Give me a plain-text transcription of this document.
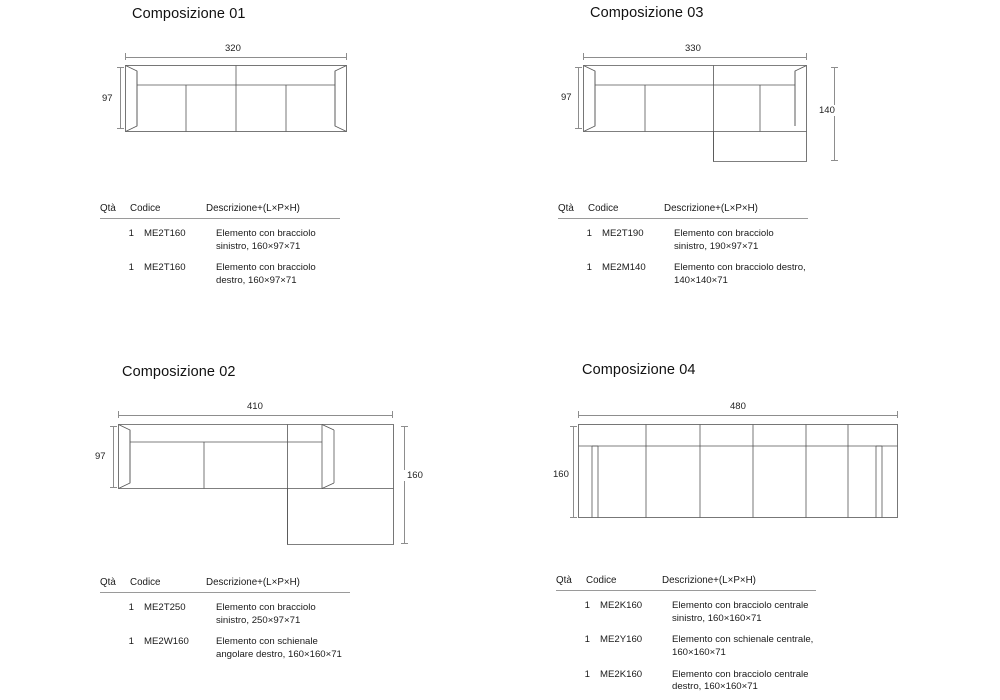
Composizione 01
320
97
Qtà	Codice	Descrizione+(L×P×H)
1	ME2T160	Elemento con bracciolo sinistro, 160×97×71
1	ME2T160	Elemento con bracciolo destro, 160×97×71
Composizione 03
330
97
140
Qtà	Codice	Descrizione+(L×P×H)
1	ME2T190	Elemento con bracciolo sinistro, 190×97×71
1	ME2M140	Elemento con bracciolo destro, 140×140×71
Composizione 02
410
97
160
Qtà	Codice	Descrizione+(L×P×H)
1	ME2T250	Elemento con bracciolo sinistro, 250×97×71
1	ME2W160	Elemento con schienale angolare destro, 160×160×71
Composizione 04
480
160
Qtà	Codice	Descrizione+(L×P×H)
1	ME2K160	Elemento con bracciolo centrale sinistro, 160×160×71
1	ME2Y160	Elemento con schienale centrale, 160×160×71
1	ME2K160	Elemento con bracciolo centrale destro, 160×160×71
